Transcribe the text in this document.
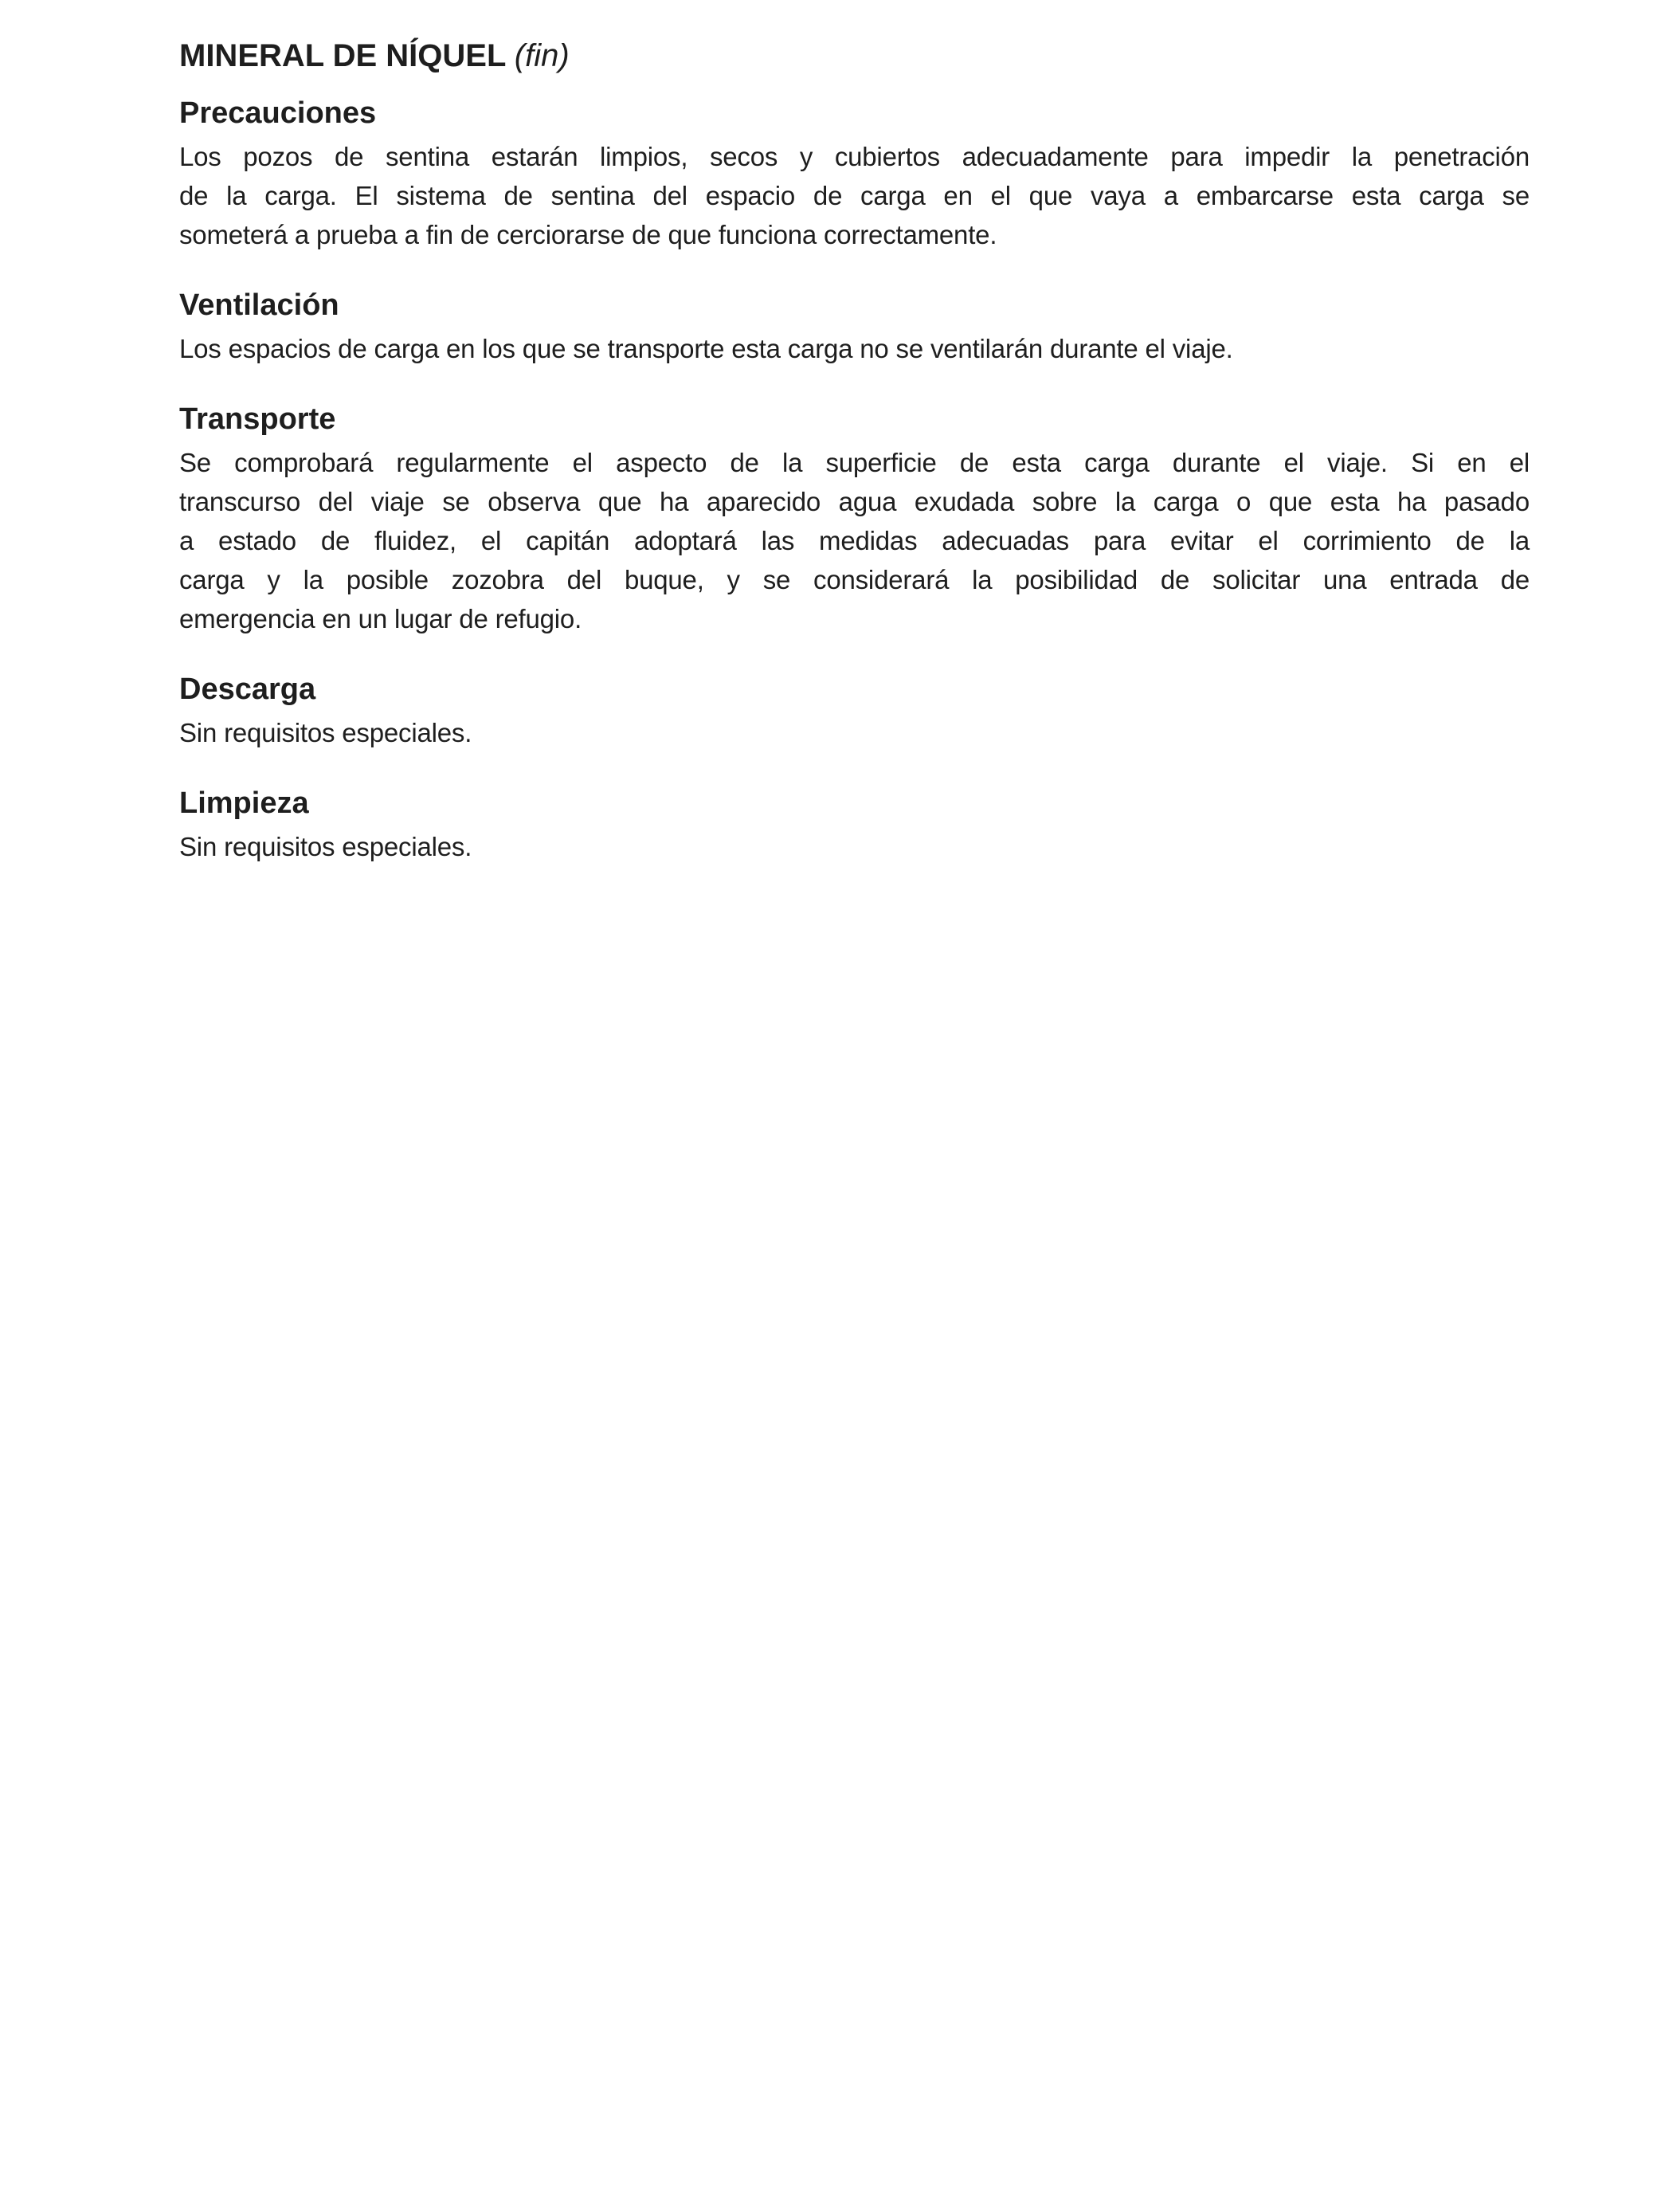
MINERAL DE NÍQUEL (fin)
Precauciones
Los pozos de sentina estarán limpios, secos y cubiertos adecuadamente para impedir la penetración
de la carga. El sistema de sentina del espacio de carga en el que vaya a embarcarse esta carga se
someterá a prueba a fin de cerciorarse de que funciona correctamente.
Ventilación
Los espacios de carga en los que se transporte esta carga no se ventilarán durante el viaje.
Transporte
Se comprobará regularmente el aspecto de la superficie de esta carga durante el viaje. Si en el
transcurso del viaje se observa que ha aparecido agua exudada sobre la carga o que esta ha pasado
a estado de fluidez, el capitán adoptará las medidas adecuadas para evitar el corrimiento de la
carga y la posible zozobra del buque, y se considerará la posibilidad de solicitar una entrada de
emergencia en un lugar de refugio.
Descarga
Sin requisitos especiales.
Limpieza
Sin requisitos especiales.
